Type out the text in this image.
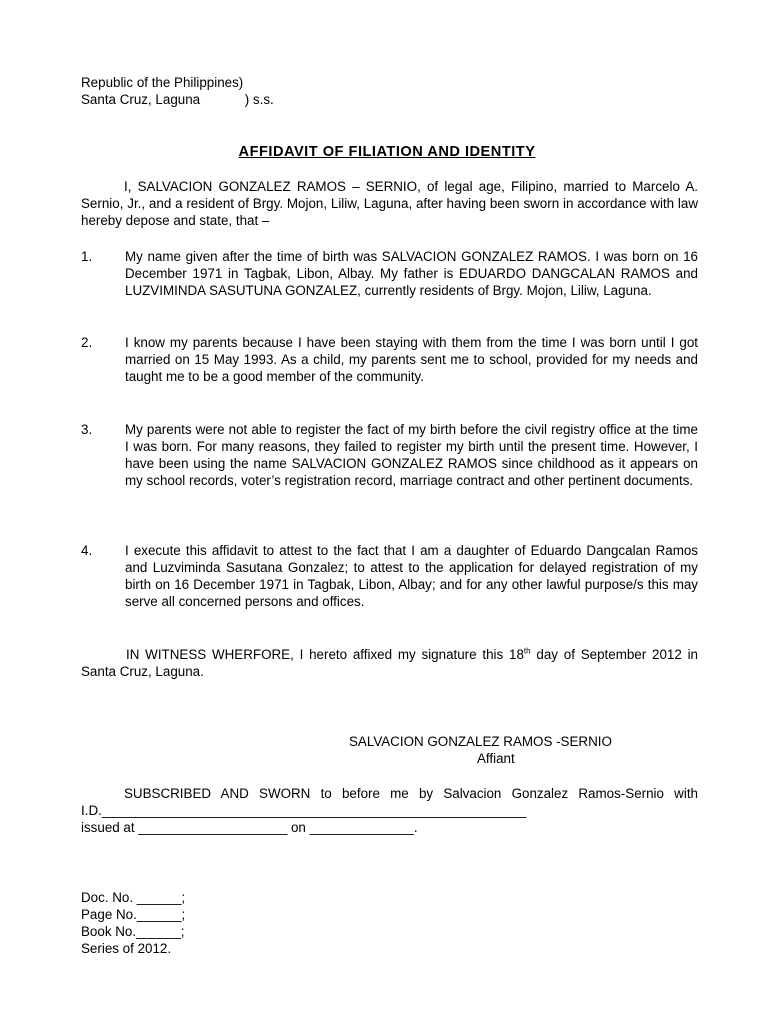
Republic of the Philippines)
Santa Cruz, Laguna            ) s.s.
AFFIDAVIT OF FILIATION AND IDENTITY
I, SALVACION GONZALEZ RAMOS – SERNIO, of legal age, Filipino, married to Marcelo A. Sernio, Jr., and a resident of Brgy. Mojon, Liliw, Laguna, after having been sworn in accordance with law hereby depose and state, that –
1. My name given after the time of birth was SALVACION GONZALEZ RAMOS. I was born on 16 December 1971 in Tagbak, Libon, Albay. My father is EDUARDO DANGCALAN RAMOS and LUZVIMINDA SASUTUNA GONZALEZ, currently residents of Brgy. Mojon, Liliw, Laguna.
2. I know my parents because I have been staying with them from the time I was born until I got married on 15 May 1993. As a child, my parents sent me to school, provided for my needs and taught me to be a good member of the community.
3. My parents were not able to register the fact of my birth before the civil registry office at the time I was born. For many reasons, they failed to register my birth until the present time. However, I have been using the name SALVACION GONZALEZ RAMOS since childhood as it appears on my school records, voter’s registration record, marriage contract and other pertinent documents.
4. I execute this affidavit to attest to the fact that I am a daughter of Eduardo Dangcalan Ramos and Luzviminda Sasutana Gonzalez; to attest to the application for delayed registration of my birth on 16 December 1971 in Tagbak, Libon, Albay; and for any other lawful purpose/s this may serve all concerned persons and offices.
IN WITNESS WHERFORE, I hereto affixed my signature this 18th day of September 2012 in Santa Cruz, Laguna.
SALVACION GONZALEZ RAMOS -SERNIO
Affiant
SUBSCRIBED AND SWORN to before me by Salvacion Gonzalez Ramos-Sernio with I.D._________________________________________________________
issued at ____________________ on ______________.
Doc. No. ______;
Page No.______;
Book No.______;
Series of 2012.
